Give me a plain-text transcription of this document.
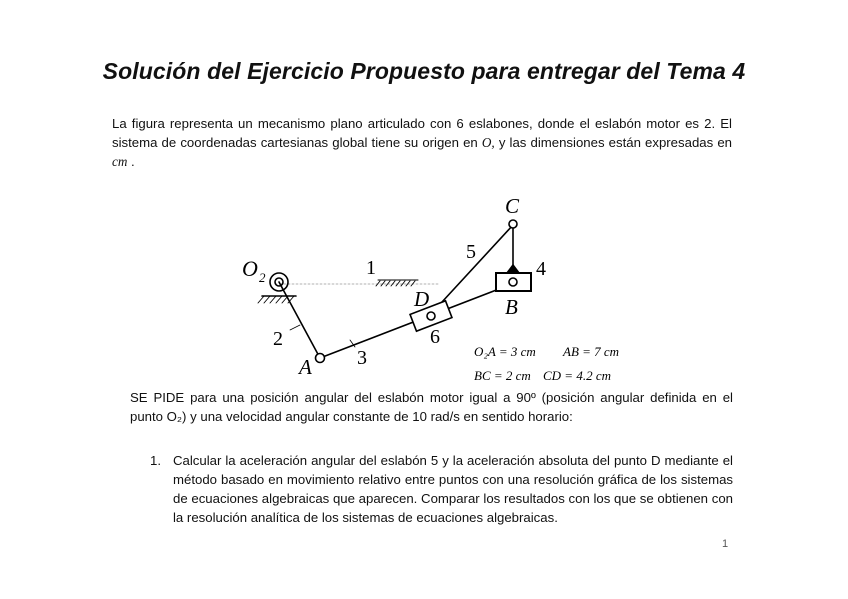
Solución del Ejercicio Propuesto para entregar del Tema 4
La figura representa un mecanismo plano articulado con 6 eslabones, donde el eslabón motor es 2. El sistema de coordenadas cartesianas global tiene su origen en O, y las dimensiones están expresadas en cm .
O 2	1
2
3
4
5
6
A
B
C
D
O₂A = 3 cm AB = 7 cm
BC = 2 cm CD = 4.2 cm
SE PIDE para una posición angular del eslabón motor igual a 90º (posición angular definida en el punto O₂) y una velocidad angular constante de 10 rad/s en sentido horario:
1. Calcular la aceleración angular del eslabón 5 y la aceleración absoluta del punto D mediante el método basado en movimiento relativo entre puntos con una resolución gráfica de los sistemas de ecuaciones algebraicas que aparecen. Comparar los resultados con los que se obtienen con la resolución analítica de los sistemas de ecuaciones algebraicas.
1
